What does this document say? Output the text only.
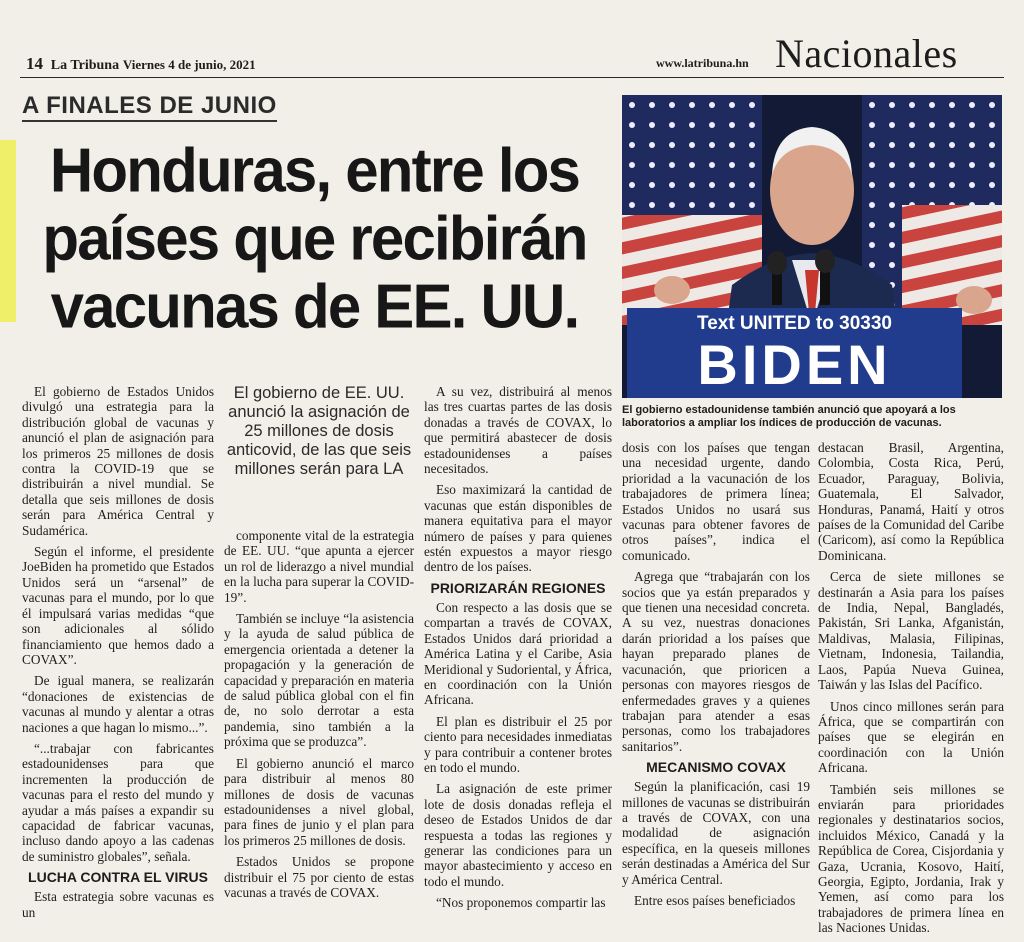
14 La Tribuna Viernes 4 de junio, 2021	www.latribuna.hn Nacionales
A FINALES DE JUNIO
Honduras, entre los países que recibirán vacunas de EE. UU.	Text UNITED to 30330
BIDEN
El gobierno estadounidense también anunció que apoyará a los laboratorios a ampliar los índices de producción de vacunas.

El gobierno de Estados Unidos divulgó una estrategia para la distribución global de vacunas y anunció el plan de asignación para los primeros 25 millones de dosis contra la COVID-19 que se distribuirán a nivel mundial. Se detalla que seis millones de dosis serán para América Central y Sudamérica.

Según el informe, el presidente JoeBiden ha prometido que Estados Unidos será un “arsenal” de vacunas para el mundo, por lo que él impulsará varias medidas “que son adicionales al sólido financiamiento que hemos dado a COVAX”.

De igual manera, se realizarán “donaciones de existencias de vacunas al mundo y alentar a otras naciones a que hagan lo mismo...”.

“...trabajar con fabricantes estadounidenses para que incrementen la producción de vacunas para el resto del mundo y ayudar a más países a expandir su capacidad de fabricar vacunas, incluso dando apoyo a las cadenas de suministro globales”, señala.

LUCHA CONTRA EL VIRUS

Esta estrategia sobre vacunas es un

El gobierno de EE. UU. anunció la asignación de 25 millones de dosis anticovid, de las que seis millones serán para LA

componente vital de la estrategia de EE. UU. “que apunta a ejercer un rol de liderazgo a nivel mundial en la lucha para superar la COVID-19”.

También se incluye “la asistencia y la ayuda de salud pública de emergencia orientada a detener la propagación y la generación de capacidad y preparación en materia de salud pública global con el fin de, no solo derrotar a esta pandemia, sino también a la próxima que se produzca”.

El gobierno anunció el marco para distribuir al menos 80 millones de dosis de vacunas estadounidenses a nivel global, para fines de junio y el plan para los primeros 25 millones de dosis.

Estados Unidos se propone distribuir el 75 por ciento de estas vacunas a través de COVAX.

A su vez, distribuirá al menos las tres cuartas partes de las dosis donadas a través de COVAX, lo que permitirá abastecer de dosis estadounidenses a países necesitados.

Eso maximizará la cantidad de vacunas que están disponibles de manera equitativa para el mayor número de países y para quienes estén expuestos a mayor riesgo dentro de los países.

PRIORIZARÁN REGIONES

Con respecto a las dosis que se compartan a través de COVAX, Estados Unidos dará prioridad a América Latina y el Caribe, Asia Meridional y Sudoriental, y África, en coordinación con la Unión Africana.

El plan es distribuir el 25 por ciento para necesidades inmediatas y para contribuir a contener brotes en todo el mundo.

La asignación de este primer lote de dosis donadas refleja el deseo de Estados Unidos de dar respuesta a todas las regiones y generar las condiciones para un mayor abastecimiento y acceso en todo el mundo.

“Nos proponemos compartir las

dosis con los países que tengan una necesidad urgente, dando prioridad a la vacunación de los trabajadores de primera línea; Estados Unidos no usará sus vacunas para obtener favores de otros países”, indica el comunicado.

Agrega que “trabajarán con los socios que ya están preparados y que tienen una necesidad concreta. A su vez, nuestras donaciones darán prioridad a los países que hayan preparado planes de vacunación, que prioricen a personas con mayores riesgos de enfermedades graves y a quienes trabajan para atender a esas personas, como los trabajadores sanitarios”.

MECANISMO COVAX

Según la planificación, casi 19 millones de vacunas se distribuirán a través de COVAX, con una modalidad de asignación específica, en la queseis millones serán destinadas a América del Sur y América Central.

Entre esos países beneficiados

destacan Brasil, Argentina, Colombia, Costa Rica, Perú, Ecuador, Paraguay, Bolivia, Guatemala, El Salvador, Honduras, Panamá, Haití y otros países de la Comunidad del Caribe (Caricom), así como la República Dominicana.

Cerca de siete millones se destinarán a Asia para los países de India, Nepal, Bangladés, Pakistán, Sri Lanka, Afganistán, Maldivas, Malasia, Filipinas, Vietnam, Indonesia, Tailandia, Laos, Papúa Nueva Guinea, Taiwán y las Islas del Pacífico.

Unos cinco millones serán para África, que se compartirán con países que se elegirán en coordinación con la Unión Africana.

También seis millones se enviarán para prioridades regionales y destinatarios socios, incluidos México, Canadá y la República de Corea, Cisjordania y Gaza, Ucrania, Kosovo, Haití, Georgia, Egipto, Jordania, Irak y Yemen, así como para los trabajadores de primera línea en las Naciones Unidas.
